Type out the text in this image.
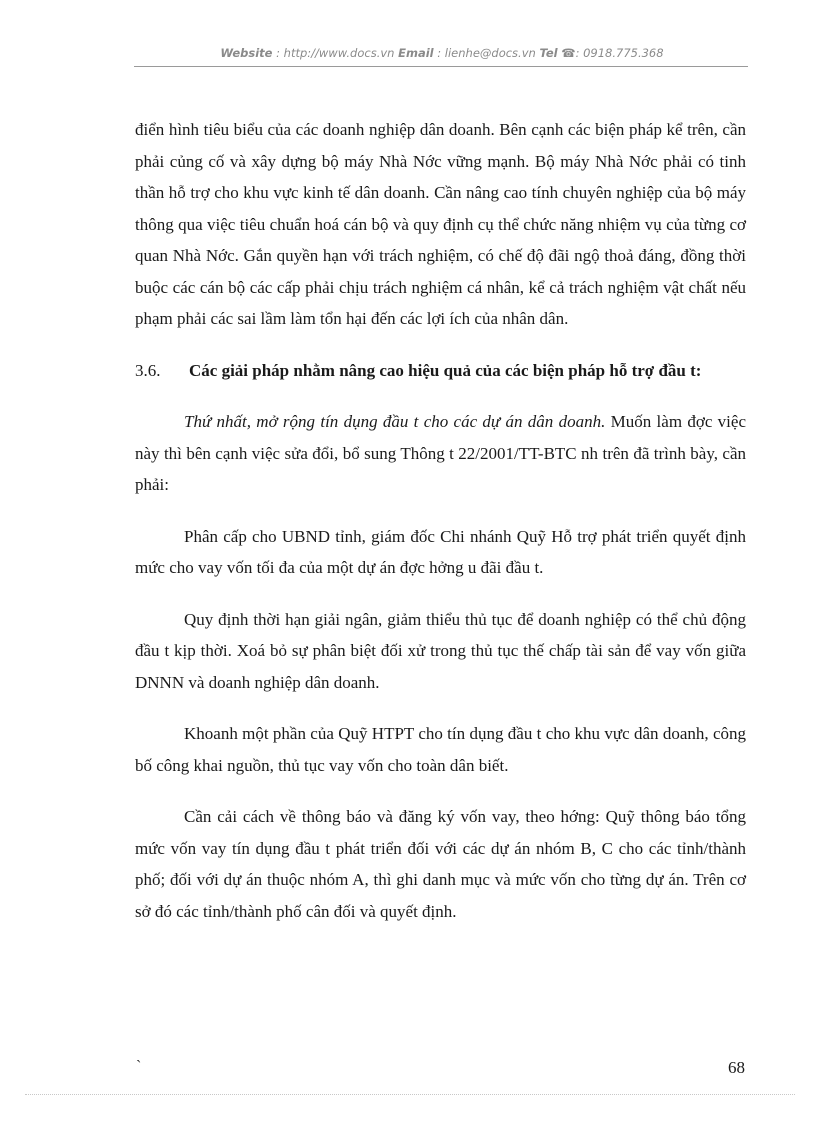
Website : http://www.docs.vn Email : lienhe@docs.vn Tel ☎: 0918.775.368

điển hình tiêu biểu của các doanh nghiệp dân doanh. Bên cạnh các biện pháp kể trên, cần phải củng cố và xây dựng bộ máy Nhà Nớc vững mạnh. Bộ máy Nhà Nớc phải có tinh thần hỗ trợ cho khu vực kinh tế dân doanh. Cần nâng cao tính chuyên nghiệp của bộ máy thông qua việc tiêu chuẩn hoá cán bộ và quy định cụ thể chức năng nhiệm vụ của từng cơ quan Nhà Nớc. Gắn quyền hạn với trách nghiệm, có chế độ đãi ngộ thoả đáng, đồng thời buộc các cán bộ các cấp phải chịu trách nghiệm cá nhân, kể cả trách nghiệm vật chất nếu phạm phải các sai lầm làm tổn hại đến các lợi ích của nhân dân.

3.6. Các giải pháp nhằm nâng cao hiệu quả của các biện pháp hỗ trợ đầu t:

Thứ nhất, mở rộng tín dụng đầu t cho các dự án dân doanh. Muốn làm đợc việc này thì bên cạnh việc sửa đổi, bổ sung Thông t 22/2001/TT-BTC nh trên đã trình bày, cần phải:

Phân cấp cho UBND tỉnh, giám đốc Chi nhánh Quỹ Hỗ trợ phát triển quyết định mức cho vay vốn tối đa của một dự án đợc hởng u đãi đầu t.

Quy định thời hạn giải ngân, giảm thiểu thủ tục để doanh nghiệp có thể chủ động đầu t kịp thời. Xoá bỏ sự phân biệt đối xử trong thủ tục thế chấp tài sản để vay vốn giữa DNNN và doanh nghiệp dân doanh.

Khoanh một phần của Quỹ HTPT cho tín dụng đầu t cho khu vực dân doanh, công bố công khai nguồn, thủ tục vay vốn cho toàn dân biết.

Cần cải cách về thông báo và đăng ký vốn vay, theo hớng: Quỹ thông báo tổng mức vốn vay tín dụng đầu t phát triển đối với các dự án nhóm B, C cho các tỉnh/thành phố; đối với dự án thuộc nhóm A, thì ghi danh mục và mức vốn cho từng dự án. Trên cơ sở đó các tỉnh/thành phố cân đối và quyết định.

`	68
